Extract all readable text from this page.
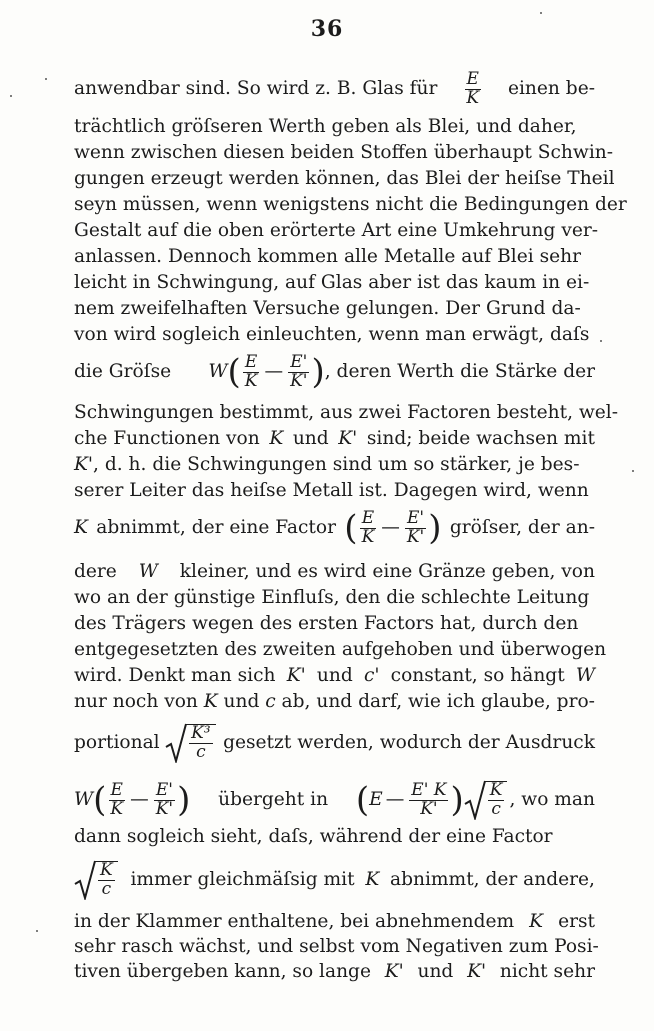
36
anwendbar sind. So wird z. B. Glas für $\frac{E}{K}$ einen be-
trächtlich gröſseren Werth geben als Blei, und daher,
wenn zwischen diesen beiden Stoffen überhaupt Schwin-
gungen erzeugt werden können, das Blei der heiſse Theil
seyn müssen, wenn wenigstens nicht die Bedingungen der
Gestalt auf die oben erörterte Art eine Umkehrung ver-
anlassen. Dennoch kommen alle Metalle auf Blei sehr
leicht in Schwingung, auf Glas aber ist das kaum in ei-
nem zweifelhaften Versuche gelungen. Der Grund da-
von wird sogleich einleuchten, wenn man erwägt, daſs
die Gröſse W ( $\frac{E}{K}$ — $\frac{E'}{K'}$ ) , deren Werth die Stärke der
Schwingungen bestimmt, aus zwei Factoren besteht, wel-
che Functionen von K und K' sind; beide wachsen mit
K' , d. h. die Schwingungen sind um so stärker, je bes-
serer Leiter das heiſse Metall ist. Dagegen wird, wenn
K abnimmt, der eine Factor ( $\frac{E}{K}$ — $\frac{E'}{K'}$ ) gröſser, der an-
dere W kleiner, und es wird eine Gränze geben, von
wo an der günstige Einfluſs, den die schlechte Leitung
des Trägers wegen des ersten Factors hat, durch den
entgegesetzten des zweiten aufgehoben und überwogen
wird. Denkt man sich K' und c' constant, so hängt W
nur noch von K und c ab, und darf, wie ich glaube, pro-
portional $\frac{\text{K³}}{c}$ gesetzt werden, wodurch der Ausdruck
W ( $\frac{E}{K}$ — $\frac{E'}{K'}$ ) übergeht in ( E — $\frac{E' K}{K'}$ ) $\frac{K}{c}$ , wo man
dann sogleich sieht, daſs, während der eine Factor
$\frac{K}{c}$ immer gleichmäſsig mit K abnimmt, der andere,
in der Klammer enthaltene, bei abnehmendem K erst
sehr rasch wächst, und selbst vom Negativen zum Posi-
tiven übergeben kann, so lange K' und K' nicht sehr
